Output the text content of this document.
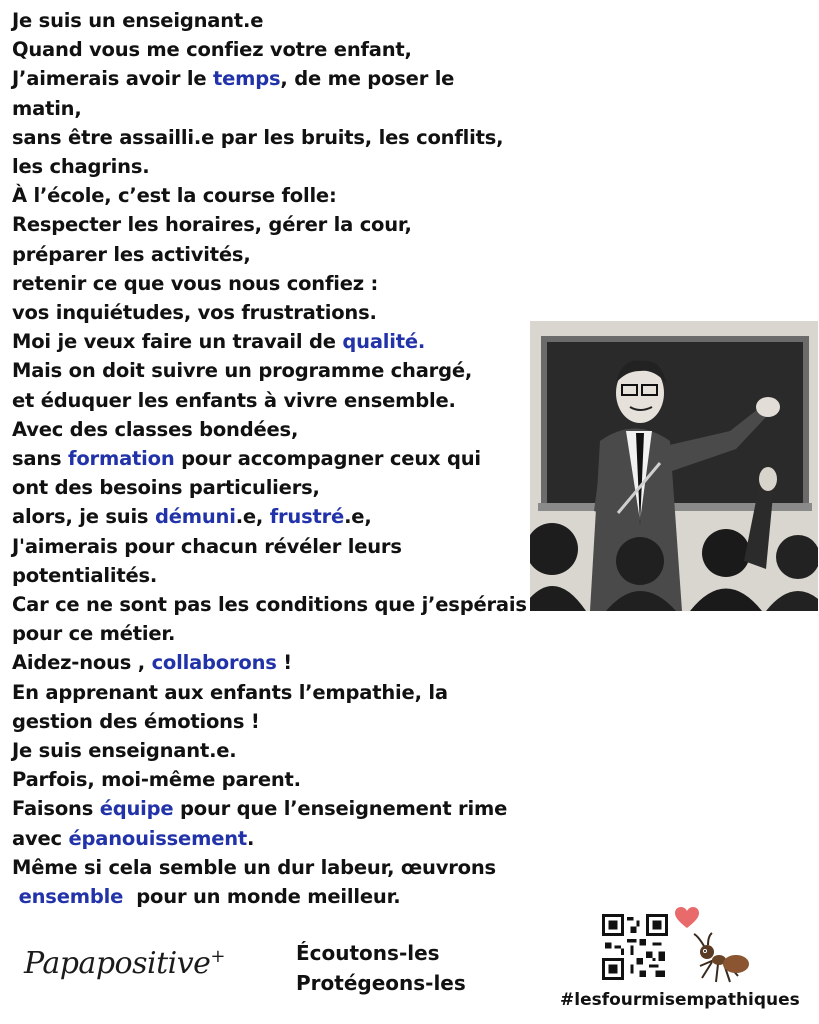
Je suis un enseignant.e
Quand vous me confiez votre enfant,
J’aimerais avoir le temps, de me poser le
matin,
sans être assailli.e par les bruits, les conflits,
les chagrins.
À l’école, c’est la course folle:
Respecter les horaires, gérer la cour,
préparer les activités,
retenir ce que vous nous confiez :
vos inquiétudes, vos frustrations.
Moi je veux faire un travail de qualité.
Mais on doit suivre un programme chargé,
et éduquer les enfants à vivre ensemble.
Avec des classes bondées,
sans formation pour accompagner ceux qui
ont des besoins particuliers,
alors, je suis démuni.e, frustré.e,
J'aimerais pour chacun révéler leurs
potentialités.
Car ce ne sont pas les conditions que j’espérais
pour ce métier.
Aidez-nous , collaborons !
En apprenant aux enfants l’empathie, la
gestion des émotions !
Je suis enseignant.e.
Parfois, moi-même parent.
Faisons équipe pour que l’enseignement rime
avec épanouissement.
Même si cela semble un dur labeur, œuvrons
ensemble  pour un monde meilleur.
Papapositive+	Écoutons-les
Protégeons-les
#lesfourmisempathiques
